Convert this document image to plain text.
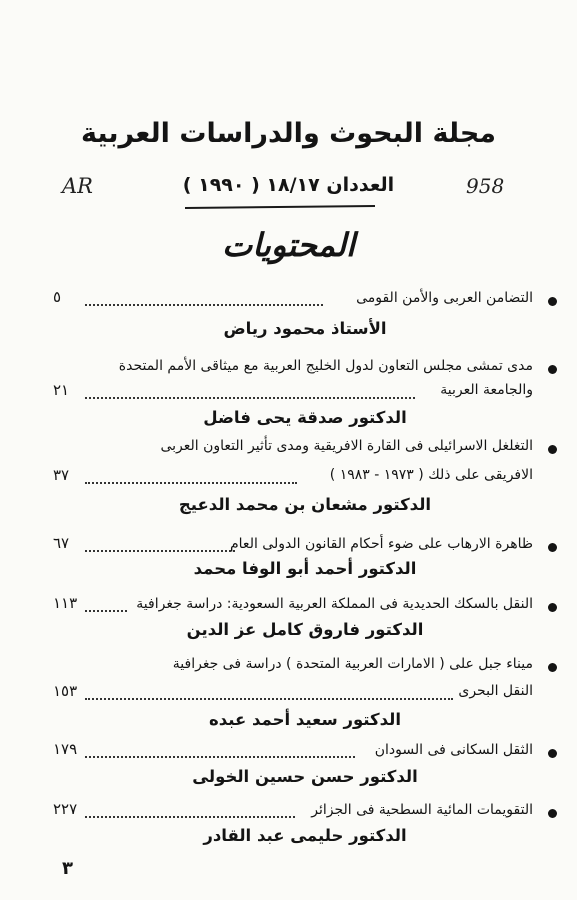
مجلة البحوث والدراسات العربية
958
العددان ۱۸/۱۷ ( ۱۹۹۰ )
AR
المحتويات
التضامن العربى والأمن القومى
٥
الأستاذ محمود رياض
مدى تمشى مجلس التعاون لدول الخليج العربية مع ميثاقى الأمم المتحدة
والجامعة العربية
۲۱
الدكتور صدقة يحى فاضل
التغلغل الاسرائيلى فى القارة الافريقية ومدى تأثير التعاون العربى
الافريقى على ذلك ( ۱۹۷۳ - ۱۹۸۳ )
۳۷
الدكتور مشعان بن محمد الدعيج
ظاهرة الارهاب على ضوء أحكام القانون الدولى العام
٦۷
الدكتور أحمد أبو الوفا محمد
النقل بالسكك الحديدية فى المملكة العربية السعودية: دراسة جغرافية
۱۱۳
الدكتور فاروق كامل عز الدين
ميناء جبل على ( الامارات العربية المتحدة ) دراسة فى جغرافية
النقل البحرى
۱٥۳
الدكتور سعيد أحمد عبده
الثقل السكانى فى السودان
۱۷۹
الدكتور حسن حسين الخولى
التقويمات المائية السطحية فى الجزائر
۲۲۷
الدكتور حليمى عبد القادر
۳
